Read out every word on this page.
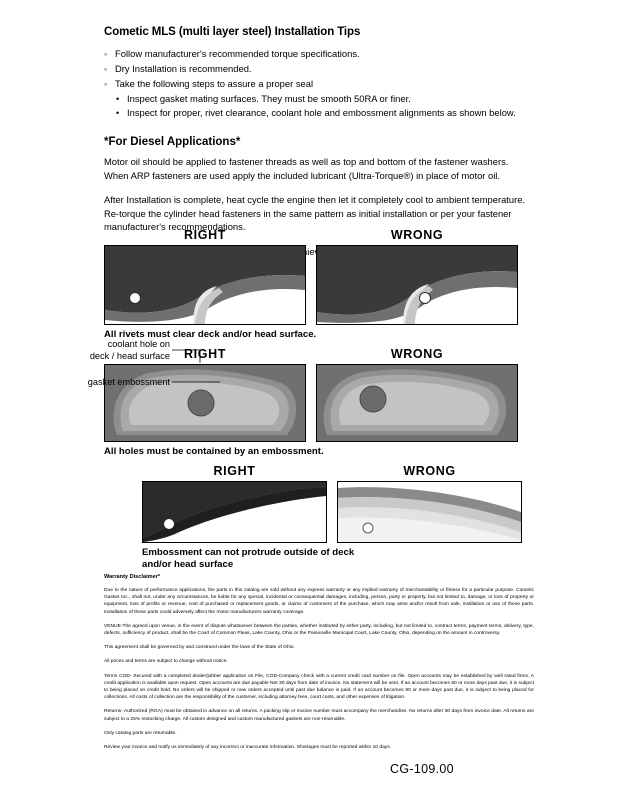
Cometic MLS (multi layer steel) Installation Tips
◦ Follow manufacturer's recommended torque specifications.
◦ Dry Installation is recommended.
◦ Take the following steps to assure a proper seal
• Inspect gasket mating surfaces. They must be smooth 50RA or finer.
• Inspect for proper, rivet clearance, coolant hole and embossment alignments as shown below.
*For Diesel Applications*

Motor oil should be applied to fastener threads as well as top and bottom of the fastener washers. When ARP fasteners are used apply the included lubricant (Ultra-Torque®) in place of motor oil.

After Installation is complete, heat cycle the engine then let it completely cool to ambient temperature. Re-torque the cylinder head fasteners in the same pattern as initial installation or per your fastener manufacturer's recommendations.

achieve

RIGHT	WRONG
All rivets must clear deck and/or head surface.
RIGHT	WRONG
All holes must be contained by an embossment.
RIGHT	WRONG
Embossment can not protrude outside of deck
and/or head surface
coolant hole on
deck / head surface
gasket embossment
Warranty Disclaimer*

Due to the nature of performance applications, the parts in this catalog are sold without any express warranty or any implied warranty of merchantability or fitness for a particular purpose. Cometic Gasket Inc., shall not, under any circumstances, be liable for any special, incidental or consequential damages, including, person, party or property, but not limited to, damage, or loss of property or equipment, loss of profits or revenue, cost of purchased or replacement goods, or claims of customers of the purchase, which may arise and/or result from sale, instillation or use of these parts. Installation of these parts could adversely affect the motor manufacturers warranty coverage.

VENUE-The agreed upon venue, in the event of dispute whatsoever between the parties, whether instituted by either party, including, but not limited to, contract terms, payment terms, delivery, type, defects, sufficiency of product, shall be the Court of Common Pleas, Lake County, Ohio or the Painesville Municipal Court, Lake County, Ohio, depending on the amount in controversy.

This agreement shall be governed by and construed under the laws of the State of Ohio.

All prices and terms are subject to change without notice.

Terms COD- Secured with a completed dealer/jobber application on File, COD-Company check with a current credit card number on file. Open accounts may be established by well rated firms. A credit application is available upon request. Open accounts are due payable Net 30 days from date of invoice. No statement will be sent. If an account becomes 60 or more days past due, it is subject to being placed on credit hold. No orders will be shipped or new orders accepted until past due balance is paid. If an account becomes 90 or more days past due, it is subject to being placed for collections. All costs of collection are the responsibility of the customer, including attorney fees, court costs, and other expenses of litigation.

Returns- Authorized (RGA) must be obtained in advance on all returns. A packing slip or invoice number must accompany the merchandise. No returns after 30 days from invoice date. All returns are subject to a 25% restocking charge. All custom designed and custom manufactured gaskets are non-returnable.

Only catalog parts are returnable.

Review your invoice and notify us immediately of any incorrect or inaccurate information. Shortages must be reported within 10 days.

CG-109.00
